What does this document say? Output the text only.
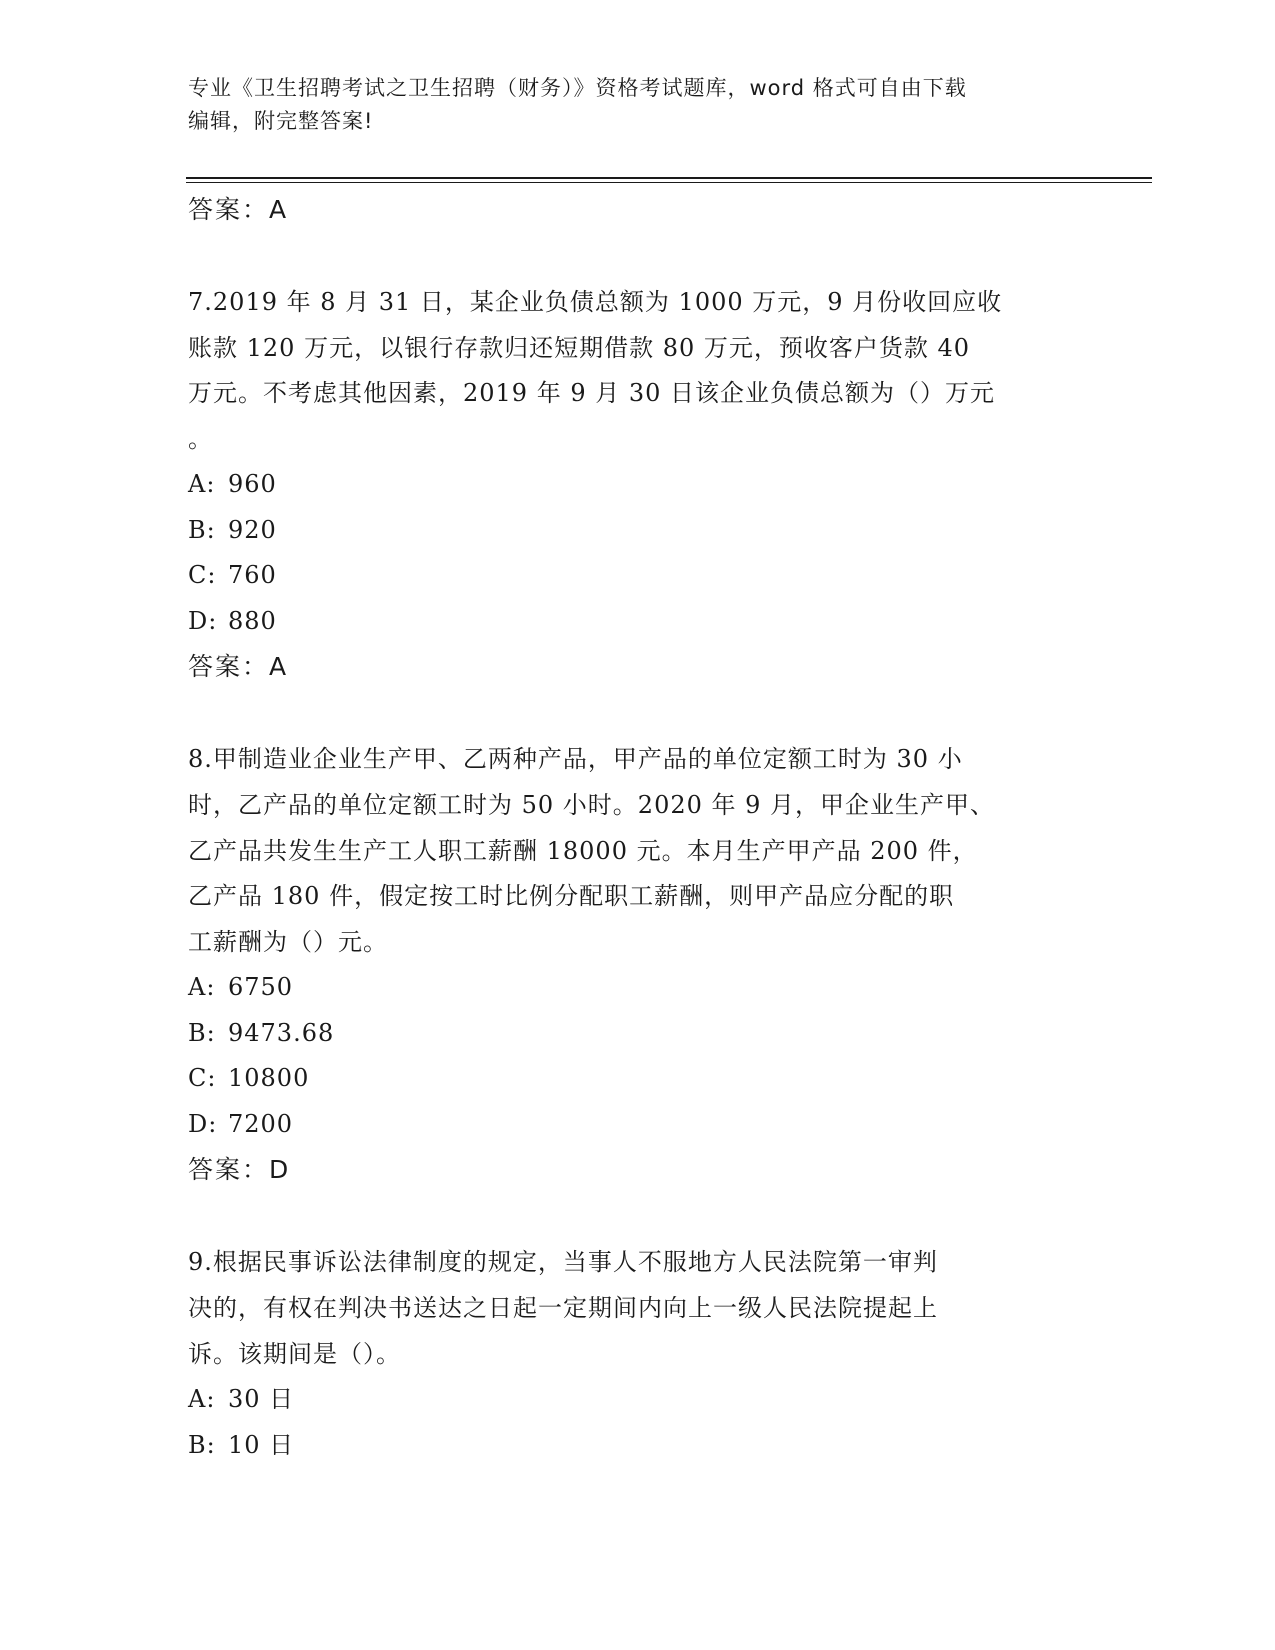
专业《卫生招聘考试之卫生招聘（财务）》资格考试题库，word 格式可自由下载
编辑，附完整答案!
答案：A
7.2019 年 8 月 31 日，某企业负债总额为 1000 万元，9 月份收回应收
账款 120 万元，以银行存款归还短期借款 80 万元，预收客户货款 40
万元。不考虑其他因素，2019 年 9 月 30 日该企业负债总额为（）万元
。
A: 960
B: 920
C: 760
D: 880
答案：A
8.甲制造业企业生产甲、乙两种产品，甲产品的单位定额工时为 30 小
时，乙产品的单位定额工时为 50 小时。2020 年 9 月，甲企业生产甲、
乙产品共发生生产工人职工薪酬 18000 元。本月生产甲产品 200 件，
乙产品 180 件，假定按工时比例分配职工薪酬，则甲产品应分配的职
工薪酬为（）元。
A: 6750
B: 9473.68
C: 10800
D: 7200
答案：D
9.根据民事诉讼法律制度的规定，当事人不服地方人民法院第一审判
决的，有权在判决书送达之日起一定期间内向上一级人民法院提起上
诉。该期间是（）。
A: 30 日
B: 10 日
